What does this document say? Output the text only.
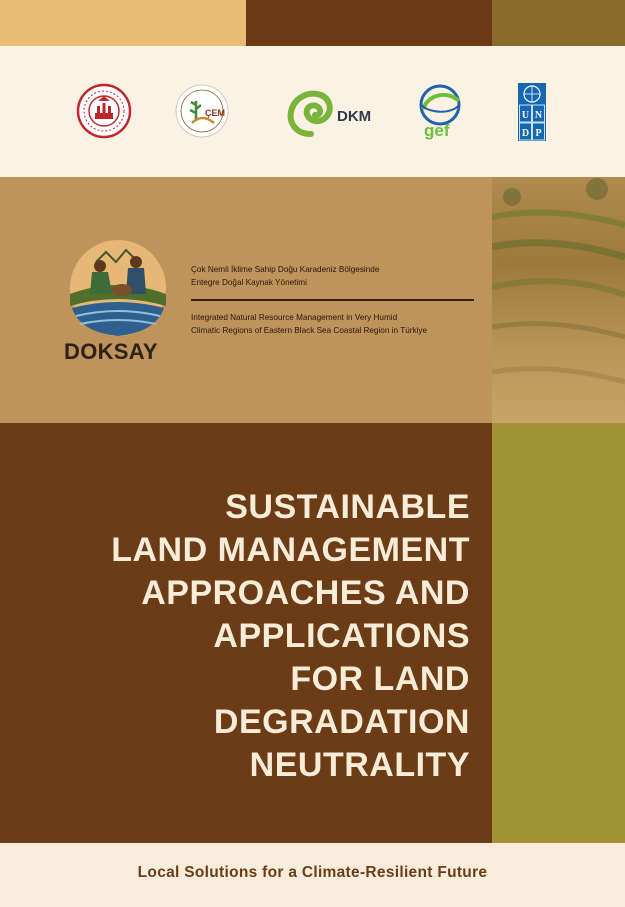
ÇEM	DKM
gef
U N
D P
DOKSAY
Çok Nemli İklime Sahip Doğu Karadeniz Bölgesinde
Entegre Doğal Kaynak Yönetimi
Integrated Natural Resource Management in Very Humid
Climatic Regions of Eastern Black Sea Coastal Region in Türkiye
SUSTAINABLE
LAND MANAGEMENT
APPROACHES AND
APPLICATIONS
FOR LAND
DEGRADATION
NEUTRALITY
Local Solutions for a Climate-Resilient Future
